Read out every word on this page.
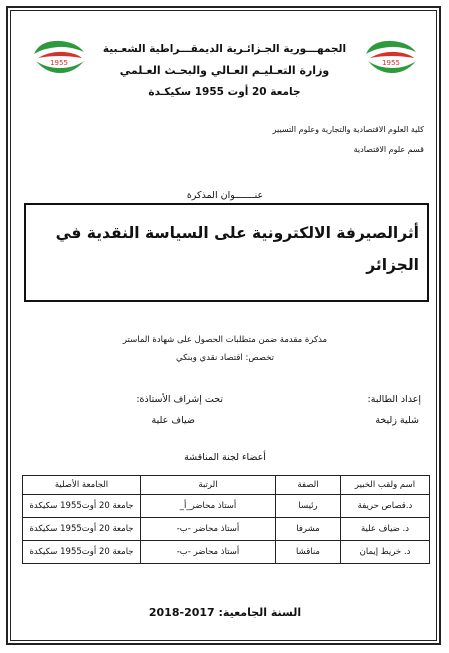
1955	1955
الجمهـــورية الجـزائـرية الديمقـــراطية الشعـبية
وزارة التعـليـم العـالي والبحـث العـلمي
جامعة 20 أوت 1955 سكيكـدة
كلية العلوم الاقتصادية والتجارية وعلوم التسيير
قسم علوم الاقتصادية
عنـــــــوان المذكرة
أثرالصيرفة الالكترونية على السياسة النقدية في الجزائر
مذكرة مقدمة ضمن متطلبات الحصول على شهادة الماستر
تخصص: اقتصاد نقدي وبنكي
إعداد الطالبة:
شلية زليخة
تحت إشراف الأستاذة:
ضياف علية
أعضاء لجنة المناقشة
اسم ولقب الخبير	الصفة	الرتبة	الجامعة الأصلية
د.قصاص حريفة	رئيسا	أستاذ محاضر_أ_	جامعة 20 أوت1955 سكيكدة
د. ضياف علية	مشرفا	أستاذ محاضر -ب-	جامعة 20 أوت1955 سكيكدة
د. خريط إيمان	مناقشا	أستاذ محاضر -ب-	جامعة 20 أوت1955 سكيكدة
السنة الجامعية: 2017-2018
